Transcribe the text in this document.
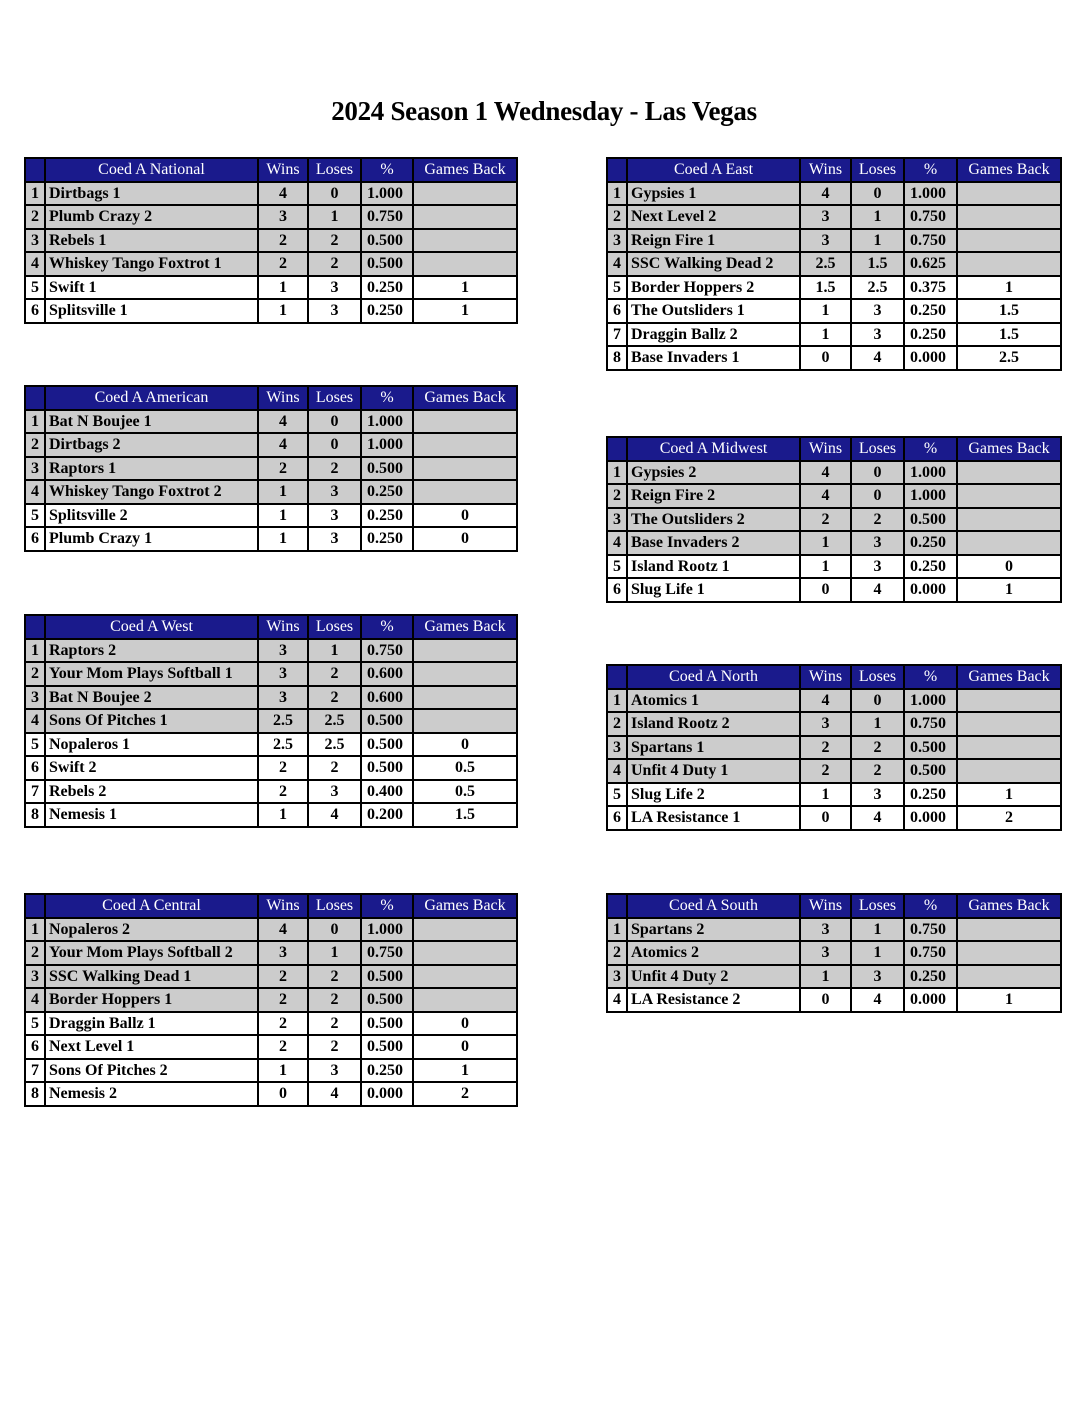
2024 Season 1 Wednesday - Las Vegas
	Coed A National	Wins	Loses	%	Games Back
1	Dirtbags 1	4	0	1.000	
2	Plumb Crazy 2	3	1	0.750	
3	Rebels 1	2	2	0.500	
4	Whiskey Tango Foxtrot 1	2	2	0.500	
5	Swift 1	1	3	0.250	1
6	Splitsville 1	1	3	0.250	1
	Coed A American	Wins	Loses	%	Games Back
1	Bat N Boujee 1	4	0	1.000	
2	Dirtbags 2	4	0	1.000	
3	Raptors 1	2	2	0.500	
4	Whiskey Tango Foxtrot 2	1	3	0.250	
5	Splitsville 2	1	3	0.250	0
6	Plumb Crazy 1	1	3	0.250	0
	Coed A West	Wins	Loses	%	Games Back
1	Raptors 2	3	1	0.750	
2	Your Mom Plays Softball 1	3	2	0.600	
3	Bat N Boujee 2	3	2	0.600	
4	Sons Of Pitches 1	2.5	2.5	0.500	
5	Nopaleros 1	2.5	2.5	0.500	0
6	Swift 2	2	2	0.500	0.5
7	Rebels 2	2	3	0.400	0.5
8	Nemesis 1	1	4	0.200	1.5
	Coed A Central	Wins	Loses	%	Games Back
1	Nopaleros 2	4	0	1.000	
2	Your Mom Plays Softball 2	3	1	0.750	
3	SSC Walking Dead 1	2	2	0.500	
4	Border Hoppers 1	2	2	0.500	
5	Draggin Ballz 1	2	2	0.500	0
6	Next Level 1	2	2	0.500	0
7	Sons Of Pitches 2	1	3	0.250	1
8	Nemesis 2	0	4	0.000	2
	Coed A East	Wins	Loses	%	Games Back
1	Gypsies 1	4	0	1.000	
2	Next Level 2	3	1	0.750	
3	Reign Fire 1	3	1	0.750	
4	SSC Walking Dead 2	2.5	1.5	0.625	
5	Border Hoppers 2	1.5	2.5	0.375	1
6	The Outsliders 1	1	3	0.250	1.5
7	Draggin Ballz 2	1	3	0.250	1.5
8	Base Invaders 1	0	4	0.000	2.5
	Coed A Midwest	Wins	Loses	%	Games Back
1	Gypsies 2	4	0	1.000	
2	Reign Fire 2	4	0	1.000	
3	The Outsliders 2	2	2	0.500	
4	Base Invaders 2	1	3	0.250	
5	Island Rootz 1	1	3	0.250	0
6	Slug Life 1	0	4	0.000	1
	Coed A North	Wins	Loses	%	Games Back
1	Atomics 1	4	0	1.000	
2	Island Rootz 2	3	1	0.750	
3	Spartans 1	2	2	0.500	
4	Unfit 4 Duty 1	2	2	0.500	
5	Slug Life 2	1	3	0.250	1
6	LA Resistance 1	0	4	0.000	2
	Coed A South	Wins	Loses	%	Games Back
1	Spartans 2	3	1	0.750	
2	Atomics 2	3	1	0.750	
3	Unfit 4 Duty 2	1	3	0.250	
4	LA Resistance 2	0	4	0.000	1
